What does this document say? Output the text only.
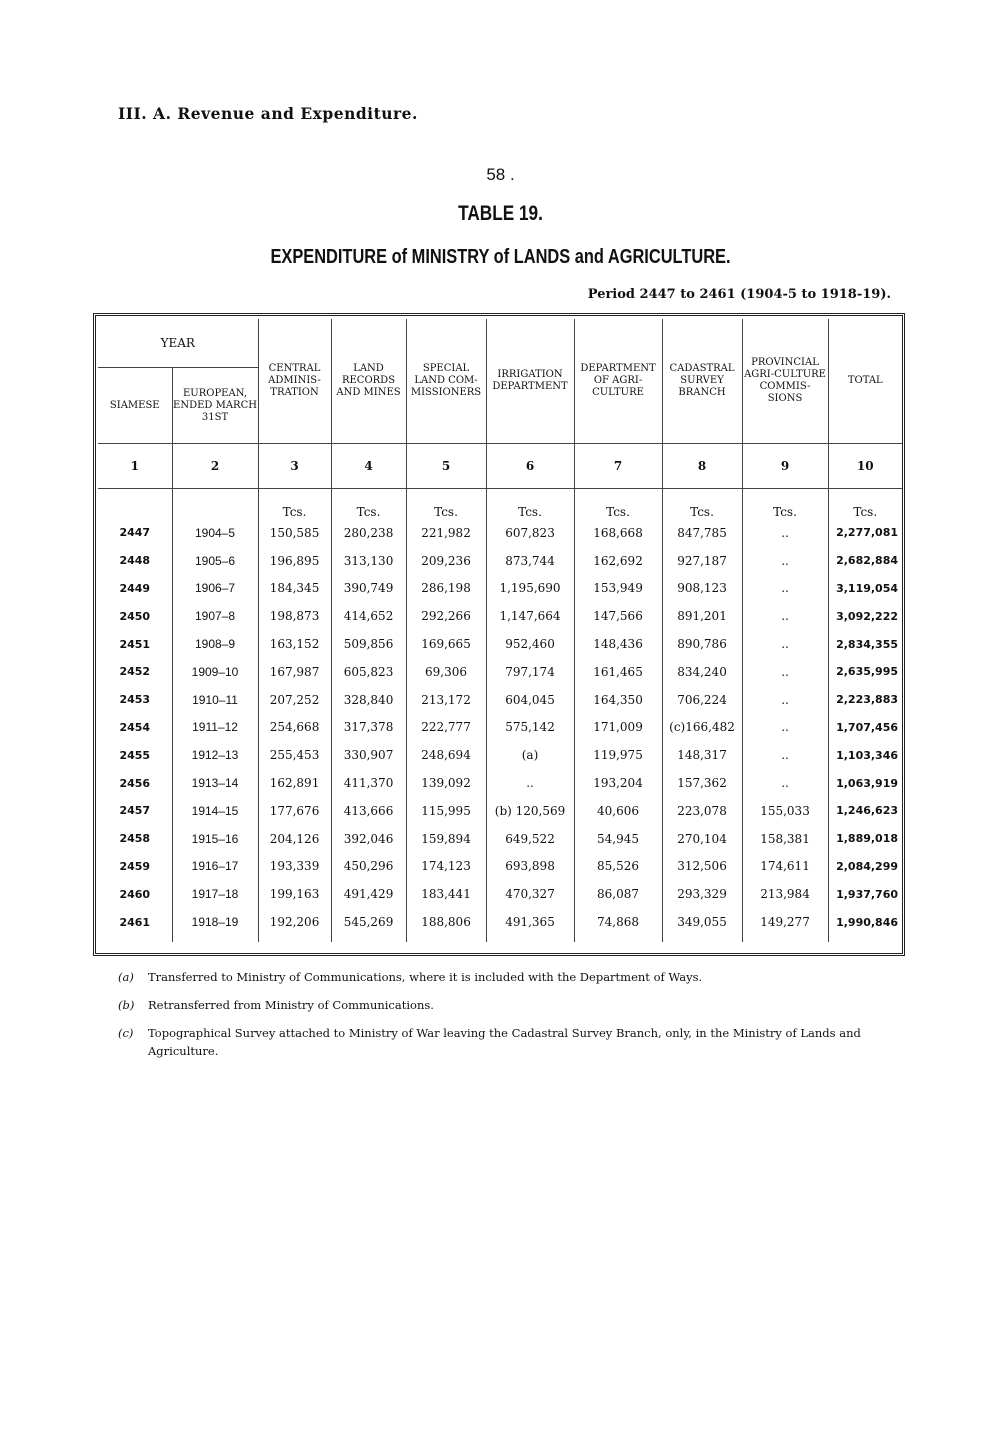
III. A. Revenue and Expenditure.
58 .
TABLE 19.
EXPENDITURE of MINISTRY of LANDS and AGRICULTURE.
Period 2447 to 2461 (1904-5 to 1918-19).
YEAR		CENTRAL ADMINIS-TRATION	LAND RECORDS AND MINES	SPECIAL LAND COM-MISSIONERS	IRRIGATION DEPARTMENT	DEPARTMENT OF AGRI-CULTURE	CADASTRAL SURVEY BRANCH	PROVINCIAL AGRI-CULTURE COMMIS-SIONS	TOTAL
SIAMESE	EUROPEAN, ENDED MARCH 31ST								
1	2	3	4	5	6	7	8	9	10
		Tcs.	Tcs.	Tcs.	Tcs.	Tcs.	Tcs.	Tcs.	Tcs.
2447	1904–5	150,585	280,238	221,982	607,823	168,668	847,785	..	2,277,081
2448	1905–6	196,895	313,130	209,236	873,744	162,692	927,187	..	2,682,884
2449	1906–7	184,345	390,749	286,198	1,195,690	153,949	908,123	..	3,119,054
2450	1907–8	198,873	414,652	292,266	1,147,664	147,566	891,201	..	3,092,222
2451	1908–9	163,152	509,856	169,665	952,460	148,436	890,786	..	2,834,355
2452	1909–10	167,987	605,823	69,306	797,174	161,465	834,240	..	2,635,995
2453	1910–11	207,252	328,840	213,172	604,045	164,350	706,224	..	2,223,883
2454	1911–12	254,668	317,378	222,777	575,142	171,009	(c)166,482	..	1,707,456
2455	1912–13	255,453	330,907	248,694	(a)	119,975	148,317	..	1,103,346
2456	1913–14	162,891	411,370	139,092	..	193,204	157,362	..	1,063,919
2457	1914–15	177,676	413,666	115,995	(b) 120,569	40,606	223,078	155,033	1,246,623
2458	1915–16	204,126	392,046	159,894	649,522	54,945	270,104	158,381	1,889,018
2459	1916–17	193,339	450,296	174,123	693,898	85,526	312,506	174,611	2,084,299
2460	1917–18	199,163	491,429	183,441	470,327	86,087	293,329	213,984	1,937,760
2461	1918–19	192,206	545,269	188,806	491,365	74,868	349,055	149,277	1,990,846

(a)	Transferred to Ministry of Communications, where it is included with the Department of Ways.
(b)	Retransferred from Ministry of Communications.
(c)	Topographical Survey attached to Ministry of War leaving the Cadastral Survey Branch, only, in the Ministry of Lands and Agriculture.
